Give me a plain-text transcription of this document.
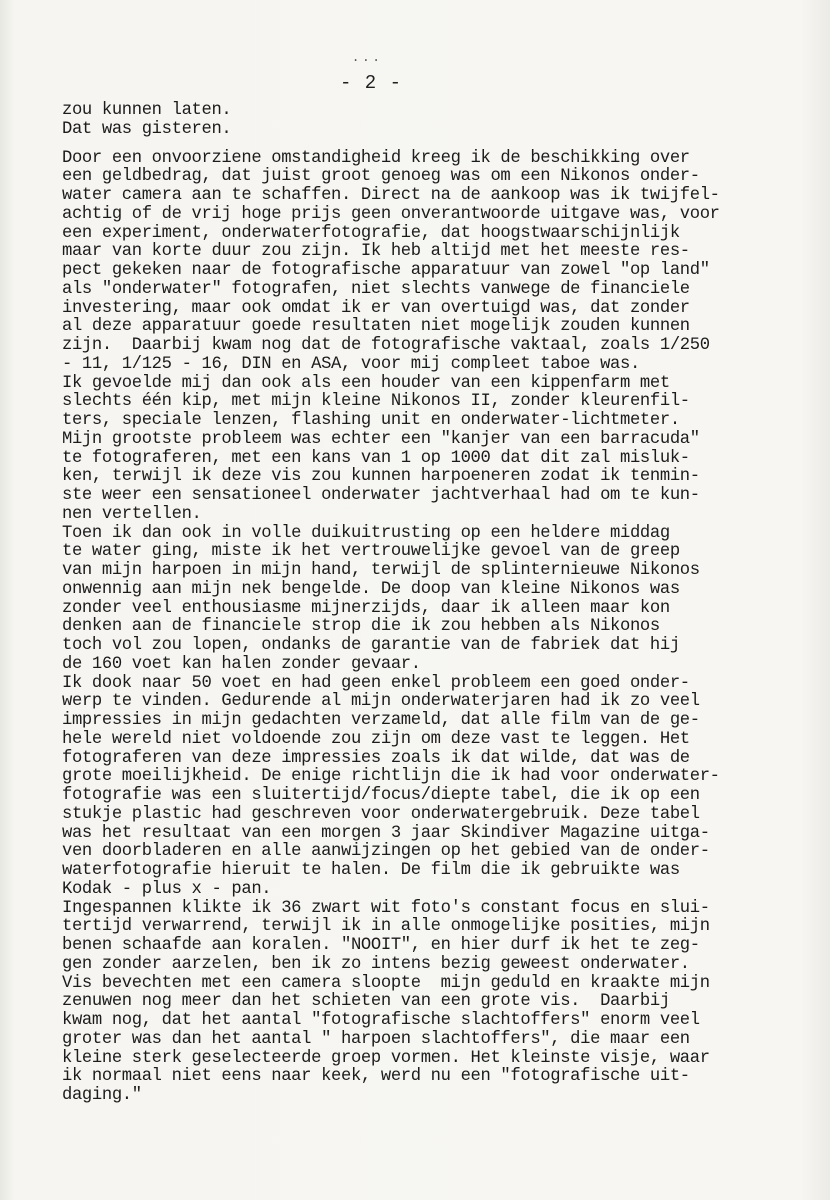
...
- 2 -
zou kunnen laten.
Dat was gisteren.
Door een onvoorziene omstandigheid kreeg ik de beschikking over
een geldbedrag, dat juist groot genoeg was om een Nikonos onder-
water camera aan te schaffen. Direct na de aankoop was ik twijfel-
achtig of de vrij hoge prijs geen onverantwoorde uitgave was, voor
een experiment, onderwaterfotografie, dat hoogstwaarschijnlijk
maar van korte duur zou zijn. Ik heb altijd met het meeste res-
pect gekeken naar de fotografische apparatuur van zowel "op land"
als "onderwater" fotografen, niet slechts vanwege de financiele
investering, maar ook omdat ik er van overtuigd was, dat zonder
al deze apparatuur goede resultaten niet mogelijk zouden kunnen
zijn.  Daarbij kwam nog dat de fotografische vaktaal, zoals 1/250
- 11, 1/125 - 16, DIN en ASA, voor mij compleet taboe was.
Ik gevoelde mij dan ook als een houder van een kippenfarm met
slechts één kip, met mijn kleine Nikonos II, zonder kleurenfil-
ters, speciale lenzen, flashing unit en onderwater-lichtmeter.
Mijn grootste probleem was echter een "kanjer van een barracuda"
te fotograferen, met een kans van 1 op 1000 dat dit zal misluk-
ken, terwijl ik deze vis zou kunnen harpoeneren zodat ik tenmin-
ste weer een sensationeel onderwater jachtverhaal had om te kun-
nen vertellen.
Toen ik dan ook in volle duikuitrusting op een heldere middag
te water ging, miste ik het vertrouwelijke gevoel van de greep
van mijn harpoen in mijn hand, terwijl de splinternieuwe Nikonos
onwennig aan mijn nek bengelde. De doop van kleine Nikonos was
zonder veel enthousiasme mijnerzijds, daar ik alleen maar kon
denken aan de financiele strop die ik zou hebben als Nikonos
toch vol zou lopen, ondanks de garantie van de fabriek dat hij
de 160 voet kan halen zonder gevaar.
Ik dook naar 50 voet en had geen enkel probleem een goed onder-
werp te vinden. Gedurende al mijn onderwaterjaren had ik zo veel
impressies in mijn gedachten verzameld, dat alle film van de ge-
hele wereld niet voldoende zou zijn om deze vast te leggen. Het
fotograferen van deze impressies zoals ik dat wilde, dat was de
grote moeilijkheid. De enige richtlijn die ik had voor onderwater-
fotografie was een sluitertijd/focus/diepte tabel, die ik op een
stukje plastic had geschreven voor onderwatergebruik. Deze tabel
was het resultaat van een morgen 3 jaar Skindiver Magazine uitga-
ven doorbladeren en alle aanwijzingen op het gebied van de onder-
waterfotografie hieruit te halen. De film die ik gebruikte was
Kodak - plus x - pan.
Ingespannen klikte ik 36 zwart wit foto's constant focus en slui-
tertijd verwarrend, terwijl ik in alle onmogelijke posities, mijn
benen schaafde aan koralen. "NOOIT", en hier durf ik het te zeg-
gen zonder aarzelen, ben ik zo intens bezig geweest onderwater.
Vis bevechten met een camera sloopte  mijn geduld en kraakte mijn
zenuwen nog meer dan het schieten van een grote vis.  Daarbij
kwam nog, dat het aantal "fotografische slachtoffers" enorm veel
groter was dan het aantal " harpoen slachtoffers", die maar een
kleine sterk geselecteerde groep vormen. Het kleinste visje, waar
ik normaal niet eens naar keek, werd nu een "fotografische uit-
daging."
